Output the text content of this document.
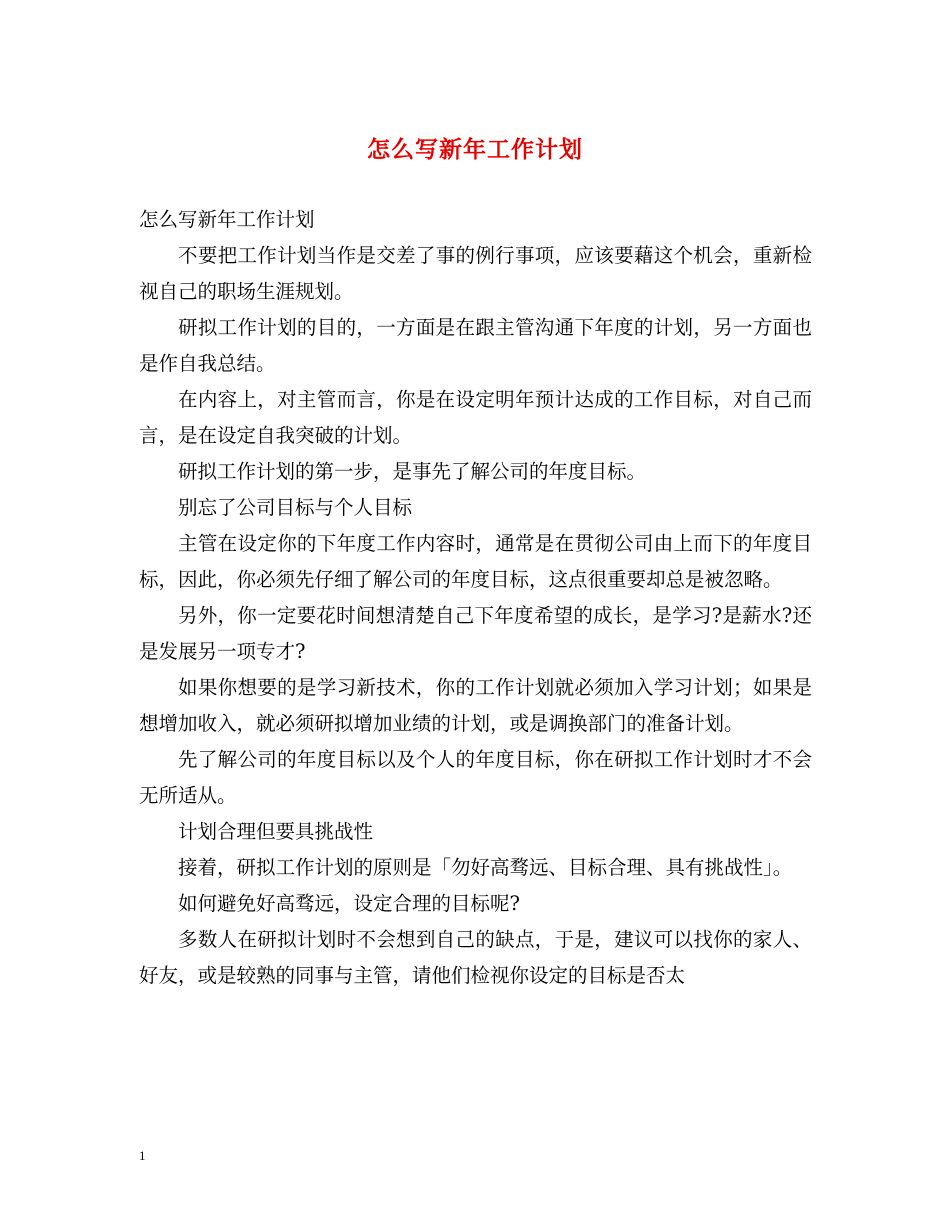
怎么写新年工作计划

怎么写新年工作计划

不要把工作计划当作是交差了事的例行事项，应该要藉这个机会，重新检视自己的职场生涯规划。

研拟工作计划的目的，一方面是在跟主管沟通下年度的计划，另一方面也是作自我总结。

在内容上，对主管而言，你是在设定明年预计达成的工作目标，对自己而言，是在设定自我突破的计划。

研拟工作计划的第一步，是事先了解公司的年度目标。

别忘了公司目标与个人目标

主管在设定你的下年度工作内容时，通常是在贯彻公司由上而下的年度目标，因此，你必须先仔细了解公司的年度目标，这点很重要却总是被忽略。

另外，你一定要花时间想清楚自己下年度希望的成长，是学习?是薪水?还是发展另一项专才?

如果你想要的是学习新技术，你的工作计划就必须加入学习计划；如果是想增加收入，就必须研拟增加业绩的计划，或是调换部门的准备计划。

先了解公司的年度目标以及个人的年度目标，你在研拟工作计划时才不会无所适从。

计划合理但要具挑战性

接着，研拟工作计划的原则是「勿好高骛远、目标合理、具有挑战性」。

如何避免好高骛远，设定合理的目标呢?

多数人在研拟计划时不会想到自己的缺点，于是，建议可以找你的家人、好友，或是较熟的同事与主管，请他们检视你设定的目标是否太

1
